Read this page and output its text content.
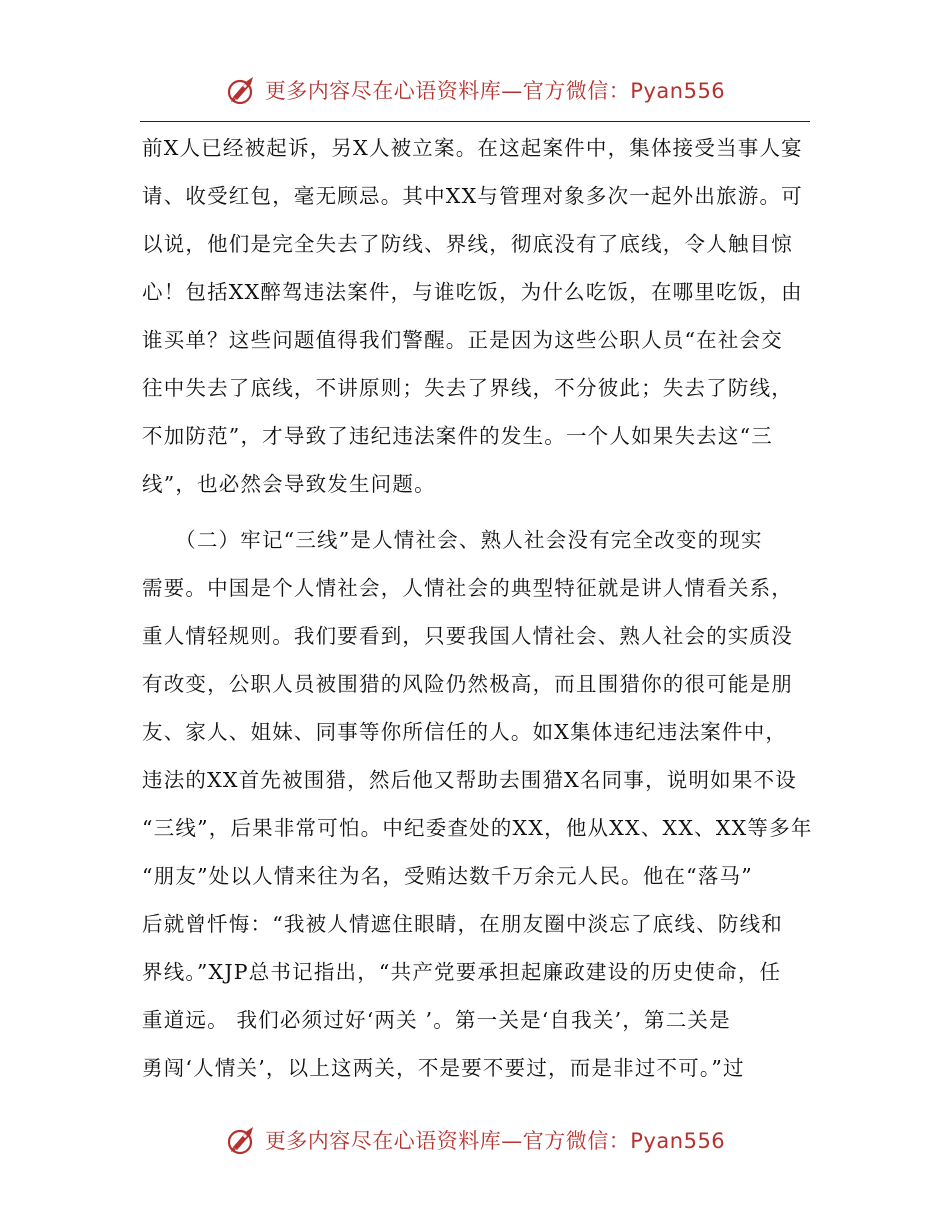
更多内容尽在心语资料库—官方微信：Pyan556
前X人已经被起诉，另X人被立案。在这起案件中，集体接受当事人宴
请、收受红包，毫无顾忌。其中XX与管理对象多次一起外出旅游。可
以说，他们是完全失去了防线、界线，彻底没有了底线，令人触目惊
心！包括XX醉驾违法案件，与谁吃饭，为什么吃饭，在哪里吃饭，由
谁买单？这些问题值得我们警醒。正是因为这些公职人员“在社会交
往中失去了底线，不讲原则；失去了界线，不分彼此；失去了防线，
不加防范”，才导致了违纪违法案件的发生。一个人如果失去这“三
线”，也必然会导致发生问题。
　　（二）牢记“三线”是人情社会、熟人社会没有完全改变的现实
需要。中国是个人情社会，人情社会的典型特征就是讲人情看关系，
重人情轻规则。我们要看到，只要我国人情社会、熟人社会的实质没
有改变，公职人员被围猎的风险仍然极高，而且围猎你的很可能是朋
友、家人、姐妹、同事等你所信任的人。如X集体违纪违法案件中，
违法的XX首先被围猎，然后他又帮助去围猎X名同事，说明如果不设
“三线”，后果非常可怕。中纪委查处的XX，他从XX、XX、XX等多年
“朋友”处以人情来往为名，受贿达数千万余元人民。他在“落马”
后就曾忏悔：“我被人情遮住眼睛，在朋友圈中淡忘了底线、防线和
界线。”XJP总书记指出，“共产党要承担起廉政建设的历史使命，任
重道远。 我们必须过好‘两关 ’。第一关是‘自我关’，第二关是
勇闯‘人情关’，以上这两关，不是要不要过，而是非过不可。”过
更多内容尽在心语资料库—官方微信：Pyan556
